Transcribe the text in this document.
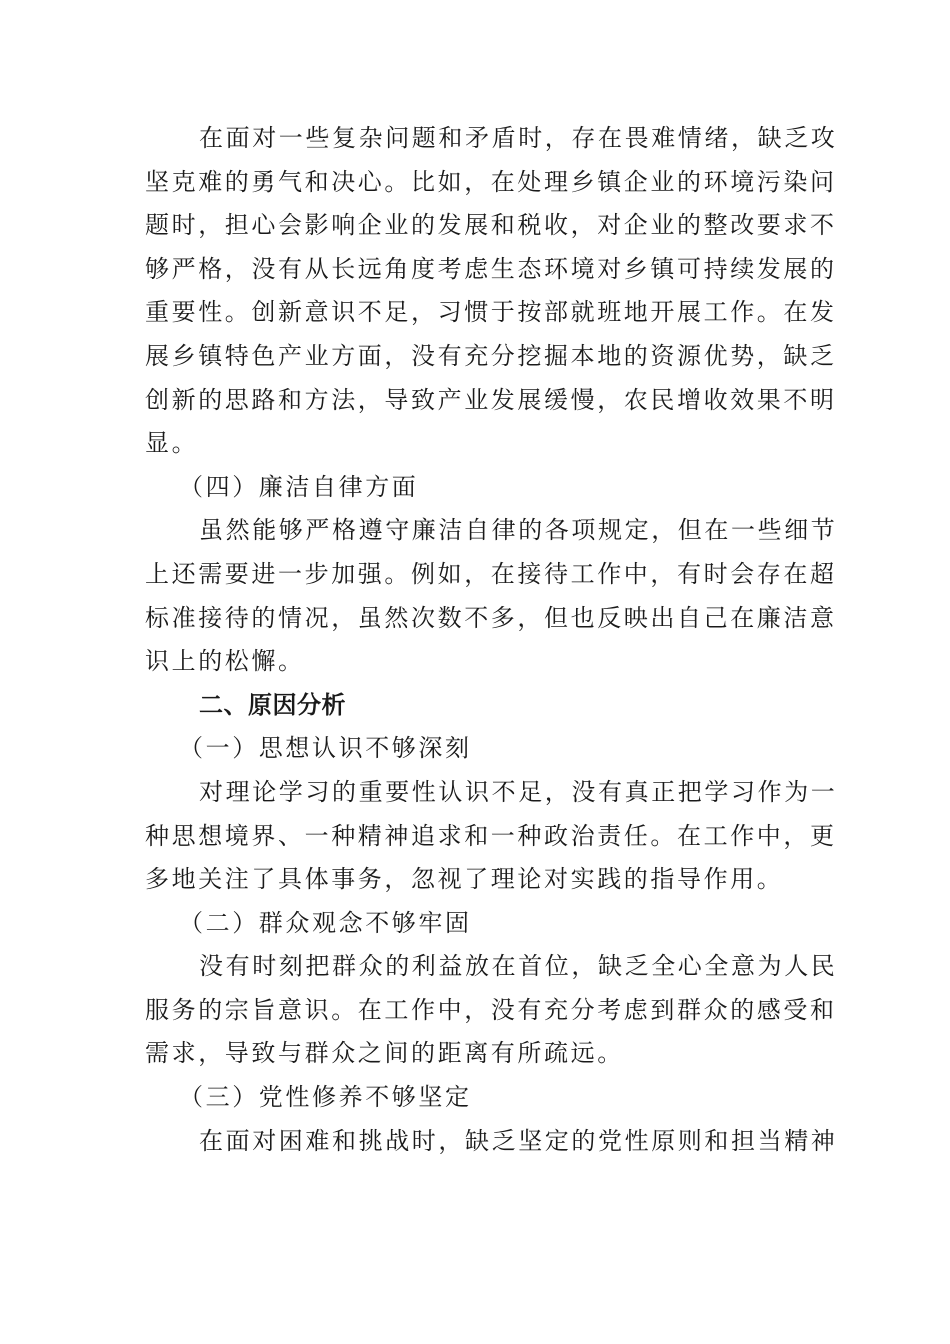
在面对一些复杂问题和矛盾时，存在畏难情绪，缺乏攻
坚克难的勇气和决心。比如，在处理乡镇企业的环境污染问
题时，担心会影响企业的发展和税收，对企业的整改要求不
够严格，没有从长远角度考虑生态环境对乡镇可持续发展的
重要性。创新意识不足，习惯于按部就班地开展工作。在发
展乡镇特色产业方面，没有充分挖掘本地的资源优势，缺乏
创新的思路和方法，导致产业发展缓慢，农民增收效果不明
显。
（四）廉洁自律方面
虽然能够严格遵守廉洁自律的各项规定，但在一些细节
上还需要进一步加强。例如，在接待工作中，有时会存在超
标准接待的情况，虽然次数不多，但也反映出自己在廉洁意
识上的松懈。
二、原因分析
（一）思想认识不够深刻
对理论学习的重要性认识不足，没有真正把学习作为一
种思想境界、一种精神追求和一种政治责任。在工作中，更
多地关注了具体事务，忽视了理论对实践的指导作用。
（二）群众观念不够牢固
没有时刻把群众的利益放在首位，缺乏全心全意为人民
服务的宗旨意识。在工作中，没有充分考虑到群众的感受和
需求，导致与群众之间的距离有所疏远。
（三）党性修养不够坚定
在面对困难和挑战时，缺乏坚定的党性原则和担当精神
